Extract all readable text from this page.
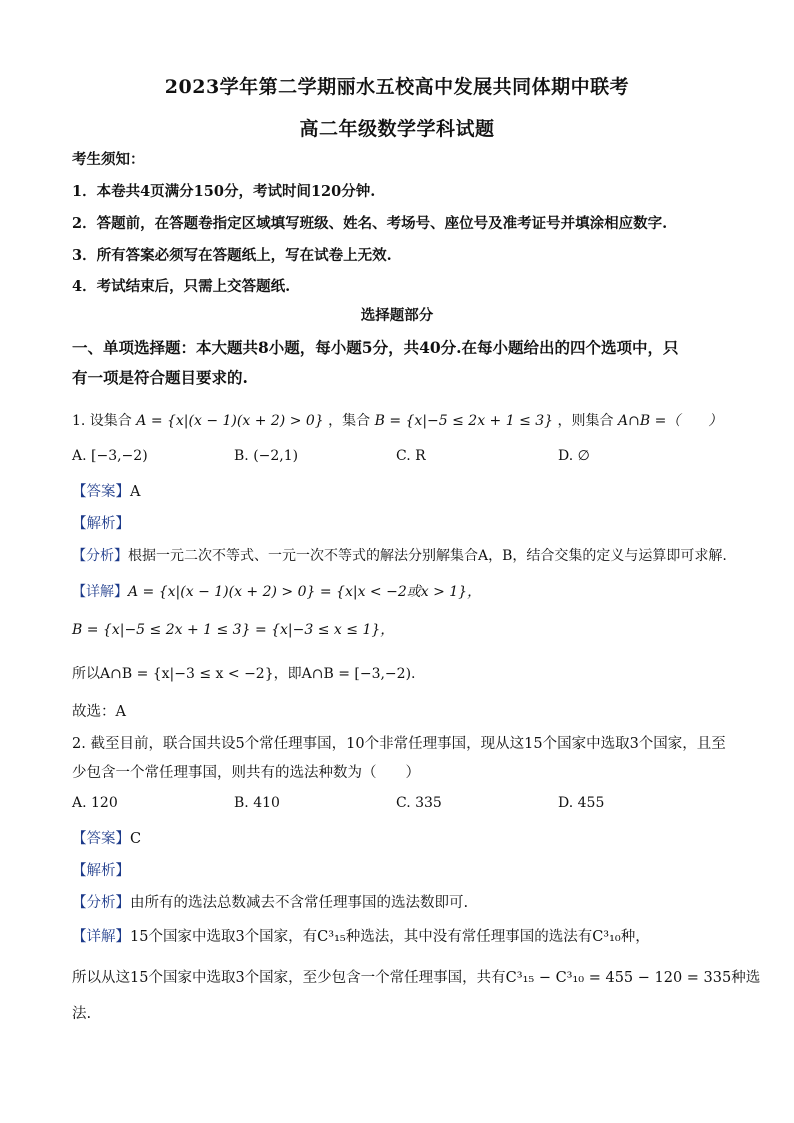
2023学年第二学期丽水五校高中发展共同体期中联考
高二年级数学学科试题
考生须知：
1．本卷共4页满分150分，考试时间120分钟.
2．答题前，在答题卷指定区域填写班级、姓名、考场号、座位号及准考证号并填涂相应数字.
3．所有答案必须写在答题纸上，写在试卷上无效.
4．考试结束后，只需上交答题纸.
选择题部分
一、单项选择题：本大题共8小题，每小题5分，共40分.在每小题给出的四个选项中，只
有一项是符合题目要求的.
1. 设集合 A = {x|(x − 1)(x + 2) > 0} ，集合 B = {x|−5 ≤ 2x + 1 ≤ 3} ，则集合 A∩B =（　　）
A. [−3,−2)	B. (−2,1)	C. R	D. ∅
【答案】A
【解析】
【分析】根据一元二次不等式、一元一次不等式的解法分别解集合A，B，结合交集的定义与运算即可求解.
【详解】A = {x|(x − 1)(x + 2) > 0} = {x|x < −2或x > 1}，
B = {x|−5 ≤ 2x + 1 ≤ 3} = {x|−3 ≤ x ≤ 1}，
所以A∩B = {x|−3 ≤ x < −2}，即A∩B = [−3,−2).
故选：A
2. 截至目前，联合国共设5个常任理事国，10个非常任理事国，现从这15个国家中选取3个国家，且至
少包含一个常任理事国，则共有的选法种数为（　　）
A. 120	B. 410	C. 335	D. 455
【答案】C
【解析】
【分析】由所有的选法总数减去不含常任理事国的选法数即可.
【详解】15个国家中选取3个国家，有C³₁₅种选法，其中没有常任理事国的选法有C³₁₀种，
所以从这15个国家中选取3个国家，至少包含一个常任理事国，共有C³₁₅ − C³₁₀ = 455 − 120 = 335种选
法.
